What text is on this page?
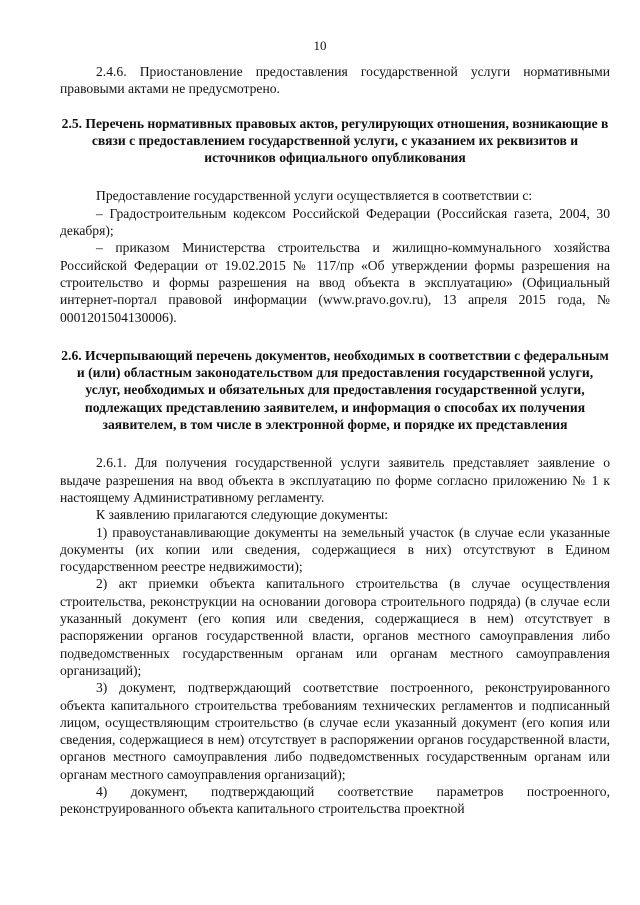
10
2.4.6. Приостановление предоставления государственной услуги нормативными правовыми актами не предусмотрено.
2.5. Перечень нормативных правовых актов, регулирующих отношения, возникающие в связи с предоставлением государственной услуги, с указанием их реквизитов и источников официального опубликования
Предоставление государственной услуги осуществляется в соответствии с:
– Градостроительным кодексом Российской Федерации (Российская газета, 2004, 30 декабря);
– приказом Министерства строительства и жилищно-коммунального хозяйства Российской Федерации от 19.02.2015 № 117/пр «Об утверждении формы разрешения на строительство и формы разрешения на ввод объекта в эксплуатацию» (Официальный интернет-портал правовой информации (www.pravo.gov.ru), 13 апреля 2015 года, № 0001201504130006).
2.6. Исчерпывающий перечень документов, необходимых в соответствии с федеральным и (или) областным законодательством для предоставления государственной услуги, услуг, необходимых и обязательных для предоставления государственной услуги, подлежащих представлению заявителем, и информация о способах их получения заявителем, в том числе в электронной форме, и порядке их представления
2.6.1. Для получения государственной услуги заявитель представляет заявление о выдаче разрешения на ввод объекта в эксплуатацию по форме согласно приложению № 1 к настоящему Административному регламенту.
К заявлению прилагаются следующие документы:
1) правоустанавливающие документы на земельный участок (в случае если указанные документы (их копии или сведения, содержащиеся в них) отсутствуют в Едином государственном реестре недвижимости);
2) акт приемки объекта капитального строительства (в случае осуществления строительства, реконструкции на основании договора строительного подряда) (в случае если указанный документ (его копия или сведения, содержащиеся в нем) отсутствует в распоряжении органов государственной власти, органов местного самоуправления либо подведомственных государственным органам или органам местного самоуправления организаций);
3) документ, подтверждающий соответствие построенного, реконструированного объекта капитального строительства требованиям технических регламентов и подписанный лицом, осуществляющим строительство (в случае если указанный документ (его копия или сведения, содержащиеся в нем) отсутствует в распоряжении органов государственной власти, органов местного самоуправления либо подведомственных государственным органам или органам местного самоуправления организаций);
4) документ, подтверждающий соответствие параметров построенного, реконструированного объекта капитального строительства проектной
